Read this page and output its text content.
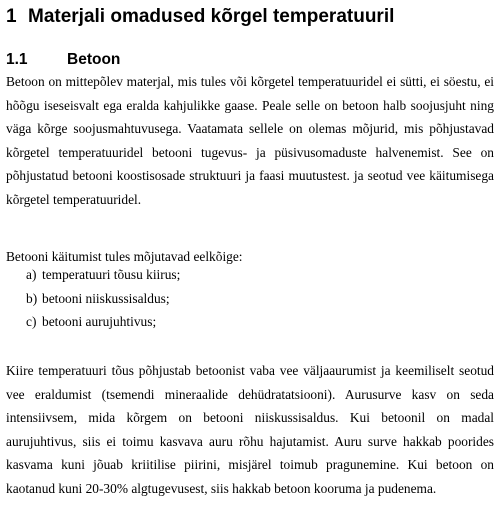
1 Materjali omadused kõrgel temperatuuril
1.1	Betoon

Betoon on mittepõlev materjal, mis tules või kõrgetel temperatuuridel ei sütti, ei söestu, ei hõõgu iseseisvalt ega eralda kahjulikke gaase. Peale selle on betoon halb soojusjuht ning väga kõrge soojusmahtuvusega. Vaatamata sellele on olemas mõjurid, mis põhjustavad kõrgetel temperatuuridel betooni tugevus- ja püsivusomaduste halvenemist. See on põhjustatud betooni koostisosade struktuuri ja faasi muutustest. ja seotud vee käitumisega kõrgetel temperatuuridel.

Betooni käitumist tules mõjutavad eelkõige:

a) temperatuuri tõusu kiirus;
b) betooni niiskussisaldus;
c) betooni aurujuhtivus;

Kiire temperatuuri tõus põhjustab betoonist vaba vee väljaaurumist ja keemiliselt seotud vee eraldumist (tsemendi mineraalide dehüdratatsiooni). Aurusurve kasv on seda intensiivsem, mida kõrgem on betooni niiskussisaldus. Kui betoonil on madal aurujuhtivus, siis ei toimu kasvava auru rõhu hajutamist. Auru surve hakkab poorides kasvama kuni jõuab kriitilise piirini, misjärel toimub pragunemine. Kui betoon on kaotanud kuni 20-30% algtugevusest, siis hakkab betoon kooruma ja pudenema.
